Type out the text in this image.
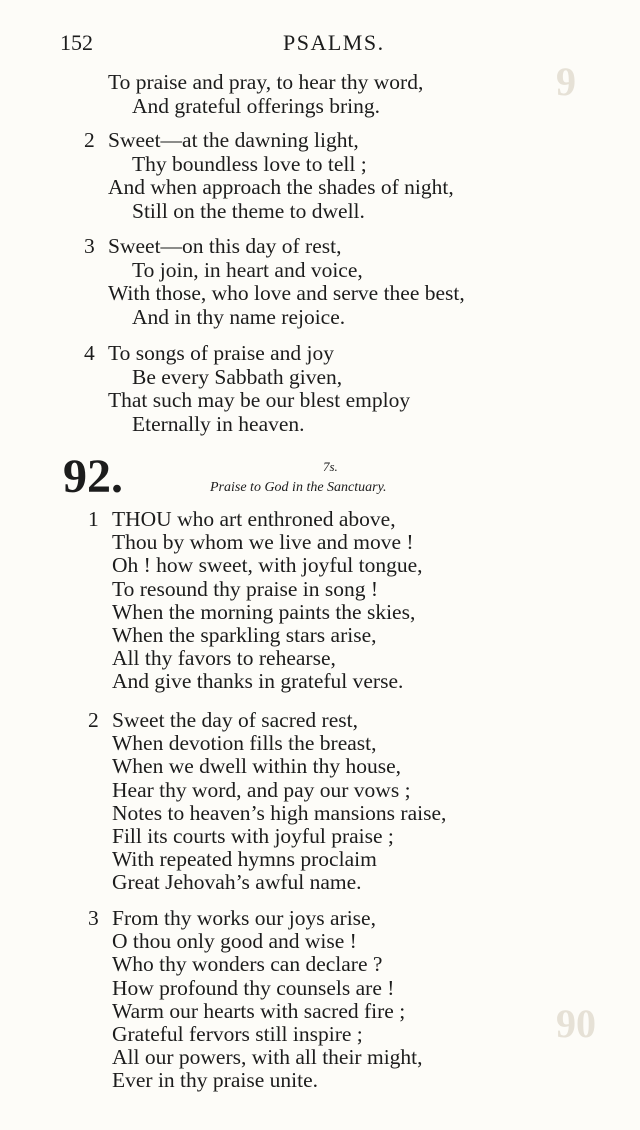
9
90
152	PSALMS.
To praise and pray, to hear thy word,
And grateful offerings bring.
2 Sweet—at the dawning light,
Thy boundless love to tell ;
And when approach the shades of night,
Still on the theme to dwell.
3 Sweet—on this day of rest,
To join, in heart and voice,
With those, who love and serve thee best,
And in thy name rejoice.
4 To songs of praise and joy
Be every Sabbath given,
That such may be our blest employ
Eternally in heaven.
92.	7s.
Praise to God in the Sanctuary.
1 THOU who art enthroned above,
Thou by whom we live and move !
Oh ! how sweet, with joyful tongue,
To resound thy praise in song !
When the morning paints the skies,
When the sparkling stars arise,
All thy favors to rehearse,
And give thanks in grateful verse.
2 Sweet the day of sacred rest,
When devotion fills the breast,
When we dwell within thy house,
Hear thy word, and pay our vows ;
Notes to heaven’s high mansions raise,
Fill its courts with joyful praise ;
With repeated hymns proclaim
Great Jehovah’s awful name.
3 From thy works our joys arise,
O thou only good and wise !
Who thy wonders can declare ?
How profound thy counsels are !
Warm our hearts with sacred fire ;
Grateful fervors still inspire ;
All our powers, with all their might,
Ever in thy praise unite.
